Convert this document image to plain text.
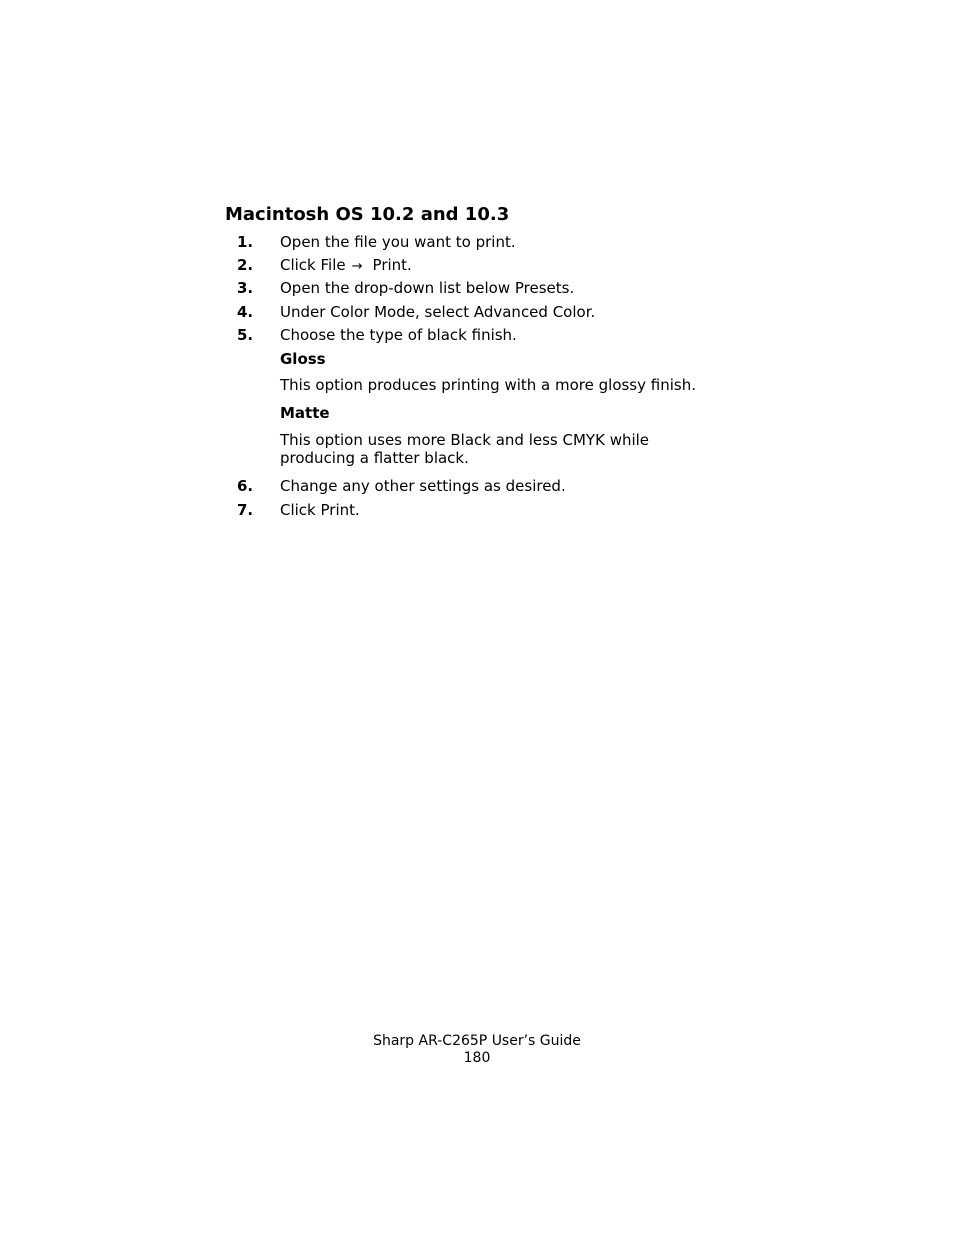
Macintosh OS 10.2 and 10.3
1. Open the file you want to print.
2. Click File → Print.
3. Open the drop-down list below Presets.
4. Under Color Mode, select Advanced Color.
5. Choose the type of black finish.
Gloss
This option produces printing with a more glossy finish.
Matte
This option uses more Black and less CMYK while
producing a flatter black.
6. Change any other settings as desired.
7. Click Print.
Sharp AR-C265P User’s Guide
180
